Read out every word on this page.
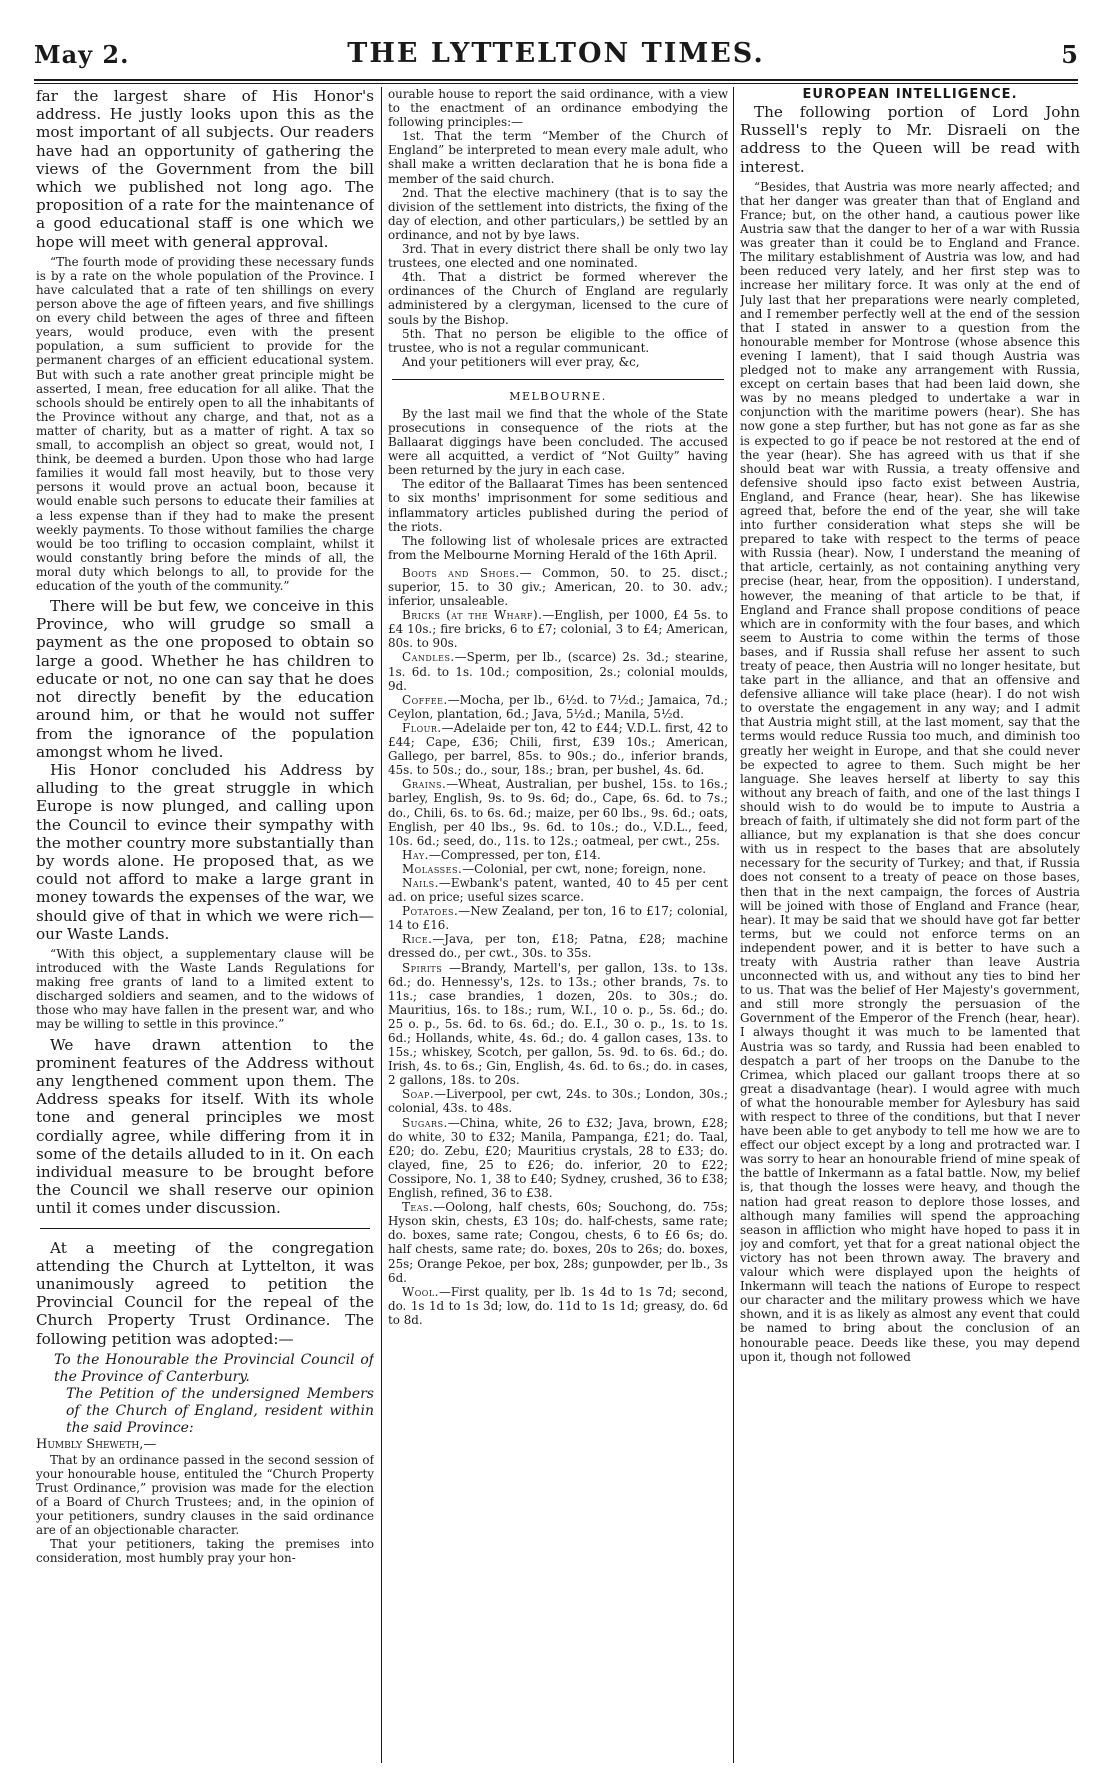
May 2.	THE LYTTELTON TIMES.	5

far the largest share of His Honor's address. He justly looks upon this as the most important of all subjects. Our readers have had an opportunity of gathering the views of the Government from the bill which we published not long ago. The proposition of a rate for the maintenance of a good educational staff is one which we hope will meet with general approval.

“The fourth mode of providing these necessary funds is by a rate on the whole population of the Province. I have calculated that a rate of ten shillings on every person above the age of fifteen years, and five shillings on every child between the ages of three and fifteen years, would produce, even with the present population, a sum sufficient to provide for the permanent charges of an efficient educational system. But with such a rate another great principle might be asserted, I mean, free education for all alike. That the schools should be entirely open to all the inhabitants of the Province without any charge, and that, not as a matter of charity, but as a matter of right. A tax so small, to accomplish an object so great, would not, I think, be deemed a burden. Upon those who had large families it would fall most heavily, but to those very persons it would prove an actual boon, because it would enable such persons to educate their families at a less expense than if they had to make the present weekly payments. To those without families the charge would be too trifling to occasion complaint, whilst it would constantly bring before the minds of all, the moral duty which belongs to all, to provide for the education of the youth of the community.”

There will be but few, we conceive in this Province, who will grudge so small a payment as the one proposed to obtain so large a good. Whether he has children to educate or not, no one can say that he does not directly benefit by the education around him, or that he would not suffer from the ignorance of the population amongst whom he lived.

His Honor concluded his Address by alluding to the great struggle in which Europe is now plunged, and calling upon the Council to evince their sympathy with the mother country more substantially than by words alone. He proposed that, as we could not afford to make a large grant in money towards the expenses of the war, we should give of that in which we were rich—our Waste Lands.

“With this object, a supplementary clause will be introduced with the Waste Lands Regulations for making free grants of land to a limited extent to discharged soldiers and seamen, and to the widows of those who may have fallen in the present war, and who may be willing to settle in this province.”

We have drawn attention to the prominent features of the Address without any lengthened comment upon them. The Address speaks for itself. With its whole tone and general principles we most cordially agree, while differing from it in some of the details alluded to in it. On each individual measure to be brought before the Council we shall reserve our opinion until it comes under discussion.

At a meeting of the congregation attending the Church at Lyttelton, it was unanimously agreed to petition the Provincial Council for the repeal of the Church Property Trust Ordinance. The following petition was adopted:—

To the Honourable the Provincial Council of the Province of Canterbury.

The Petition of the undersigned Members of the Church of England, resident within the said Province:

Humbly Sheweth,—

That by an ordinance passed in the second session of your honourable house, entituled the “Church Property Trust Ordinance,” provision was made for the election of a Board of Church Trustees; and, in the opinion of your petitioners, sundry clauses in the said ordinance are of an objectionable character.

That your petitioners, taking the premises into consideration, most humbly pray your hon-

ourable house to report the said ordinance, with a view to the enactment of an ordinance embodying the following principles:—

1st. That the term “Member of the Church of England” be interpreted to mean every male adult, who shall make a written declaration that he is bona fide a member of the said church.

2nd. That the elective machinery (that is to say the division of the settlement into districts, the fixing of the day of election, and other particulars,) be settled by an ordinance, and not by bye laws.

3rd. That in every district there shall be only two lay trustees, one elected and one nominated.

4th. That a district be formed wherever the ordinances of the Church of England are regularly administered by a clergyman, licensed to the cure of souls by the Bishop.

5th. That no person be eligible to the office of trustee, who is not a regular communicant.

And your petitioners will ever pray, &c,

MELBOURNE.

By the last mail we find that the whole of the State prosecutions in consequence of the riots at the Ballaarat diggings have been concluded. The accused were all acquitted, a verdict of “Not Guilty” having been returned by the jury in each case.

The editor of the Ballaarat Times has been sentenced to six months' imprisonment for some seditious and inflammatory articles published during the period of the riots.

The following list of wholesale prices are extracted from the Melbourne Morning Herald of the 16th April.

Boots and Shoes.— Common, 50. to 25. disct.; superior, 15. to 30 giv.; American, 20. to 30. adv.; inferior, unsaleable.

Bricks (at the Wharf).—English, per 1000, £4 5s. to £4 10s.; fire bricks, 6 to £7; colonial, 3 to £4; American, 80s. to 90s.

Candles.—Sperm, per lb., (scarce) 2s. 3d.; stearine, 1s. 6d. to 1s. 10d.; composition, 2s.; colonial moulds, 9d.

Coffee.—Mocha, per lb., 6½d. to 7½d.; Jamaica, 7d.; Ceylon, plantation, 6d.; Java, 5½d.; Manila, 5½d.

Flour.—Adelaide per ton, 42 to £44; V.D.L. first, 42 to £44; Cape, £36; Chili, first, £39 10s.; American, Gallego, per barrel, 85s. to 90s.; do., inferior brands, 45s. to 50s.; do., sour, 18s.; bran, per bushel, 4s. 6d.

Grains.—Wheat, Australian, per bushel, 15s. to 16s.; barley, English, 9s. to 9s. 6d; do., Cape, 6s. 6d. to 7s.; do., Chili, 6s. to 6s. 6d.; maize, per 60 lbs., 9s. 6d.; oats, English, per 40 lbs., 9s. 6d. to 10s.; do., V.D.L., feed, 10s. 6d.; seed, do., 11s. to 12s.; oatmeal, per cwt., 25s.

Hay.—Compressed, per ton, £14.

Molasses.—Colonial, per cwt, none; foreign, none.

Nails.—Ewbank's patent, wanted, 40 to 45 per cent ad. on price; useful sizes scarce.

Potatoes.—New Zealand, per ton, 16 to £17; colonial, 14 to £16.

Rice.—Java, per ton, £18; Patna, £28; machine dressed do., per cwt., 30s. to 35s.

Spirits —Brandy, Martell's, per gallon, 13s. to 13s. 6d.; do. Hennessy's, 12s. to 13s.; other brands, 7s. to 11s.; case brandies, 1 dozen, 20s. to 30s.; do. Mauritius, 16s. to 18s.; rum, W.I., 10 o. p., 5s. 6d.; do. 25 o. p., 5s. 6d. to 6s. 6d.; do. E.I., 30 o. p., 1s. to 1s. 6d.; Hollands, white, 4s. 6d.; do. 4 gallon cases, 13s. to 15s.; whiskey, Scotch, per gallon, 5s. 9d. to 6s. 6d.; do. Irish, 4s. to 6s.; Gin, English, 4s. 6d. to 6s.; do. in cases, 2 gallons, 18s. to 20s.

Soap.—Liverpool, per cwt, 24s. to 30s.; London, 30s.; colonial, 43s. to 48s.

Sugars.—China, white, 26 to £32; Java, brown, £28; do white, 30 to £32; Manila, Pampanga, £21; do. Taal, £20; do. Zebu, £20; Mauritius crystals, 28 to £33; do. clayed, fine, 25 to £26; do. inferior, 20 to £22; Cossipore, No. 1, 38 to £40; Sydney, crushed, 36 to £38; English, refined, 36 to £38.

Teas.—Oolong, half chests, 60s; Souchong, do. 75s; Hyson skin, chests, £3 10s; do. half-chests, same rate; do. boxes, same rate; Congou, chests, 6 to £6 6s; do. half chests, same rate; do. boxes, 20s to 26s; do. boxes, 25s; Orange Pekoe, per box, 28s; gunpowder, per lb., 3s 6d.

Wool.—First quality, per lb. 1s 4d to 1s 7d; second, do. 1s 1d to 1s 3d; low, do. 11d to 1s 1d; greasy, do. 6d to 8d.

EUROPEAN INTELLIGENCE.

The following portion of Lord John Russell's reply to Mr. Disraeli on the address to the Queen will be read with interest.

“Besides, that Austria was more nearly affected; and that her danger was greater than that of England and France; but, on the other hand, a cautious power like Austria saw that the danger to her of a war with Russia was greater than it could be to England and France. The military establishment of Austria was low, and had been reduced very lately, and her first step was to increase her military force. It was only at the end of July last that her preparations were nearly completed, and I remember perfectly well at the end of the session that I stated in answer to a question from the honourable member for Montrose (whose absence this evening I lament), that I said though Austria was pledged not to make any arrangement with Russia, except on certain bases that had been laid down, she was by no means pledged to undertake a war in conjunction with the maritime powers (hear). She has now gone a step further, but has not gone as far as she is expected to go if peace be not restored at the end of the year (hear). She has agreed with us that if she should beat war with Russia, a treaty offensive and defensive should ipso facto exist between Austria, England, and France (hear, hear). She has likewise agreed that, before the end of the year, she will take into further consideration what steps she will be prepared to take with respect to the terms of peace with Russia (hear). Now, I understand the meaning of that article, certainly, as not containing anything very precise (hear, hear, from the opposition). I understand, however, the meaning of that article to be that, if England and France shall propose conditions of peace which are in conformity with the four bases, and which seem to Austria to come within the terms of those bases, and if Russia shall refuse her assent to such treaty of peace, then Austria will no longer hesitate, but take part in the alliance, and that an offensive and defensive alliance will take place (hear). I do not wish to overstate the engagement in any way; and I admit that Austria might still, at the last moment, say that the terms would reduce Russia too much, and diminish too greatly her weight in Europe, and that she could never be expected to agree to them. Such might be her language. She leaves herself at liberty to say this without any breach of faith, and one of the last things I should wish to do would be to impute to Austria a breach of faith, if ultimately she did not form part of the alliance, but my explanation is that she does concur with us in respect to the bases that are absolutely necessary for the security of Turkey; and that, if Russia does not consent to a treaty of peace on those bases, then that in the next campaign, the forces of Austria will be joined with those of England and France (hear, hear). It may be said that we should have got far better terms, but we could not enforce terms on an independent power, and it is better to have such a treaty with Austria rather than leave Austria unconnected with us, and without any ties to bind her to us. That was the belief of Her Majesty's government, and still more strongly the persuasion of the Government of the Emperor of the French (hear, hear). I always thought it was much to be lamented that Austria was so tardy, and Russia had been enabled to despatch a part of her troops on the Danube to the Crimea, which placed our gallant troops there at so great a disadvantage (hear). I would agree with much of what the honourable member for Aylesbury has said with respect to three of the conditions, but that I never have been able to get anybody to tell me how we are to effect our object except by a long and protracted war. I was sorry to hear an honourable friend of mine speak of the battle of Inkermann as a fatal battle. Now, my belief is, that though the losses were heavy, and though the nation had great reason to deplore those losses, and although many families will spend the approaching season in affliction who might have hoped to pass it in joy and comfort, yet that for a great national object the victory has not been thrown away. The bravery and valour which were displayed upon the heights of Inkermann will teach the nations of Europe to respect our character and the military prowess which we have shown, and it is as likely as almost any event that could be named to bring about the conclusion of an honourable peace. Deeds like these, you may depend upon it, though not followed
